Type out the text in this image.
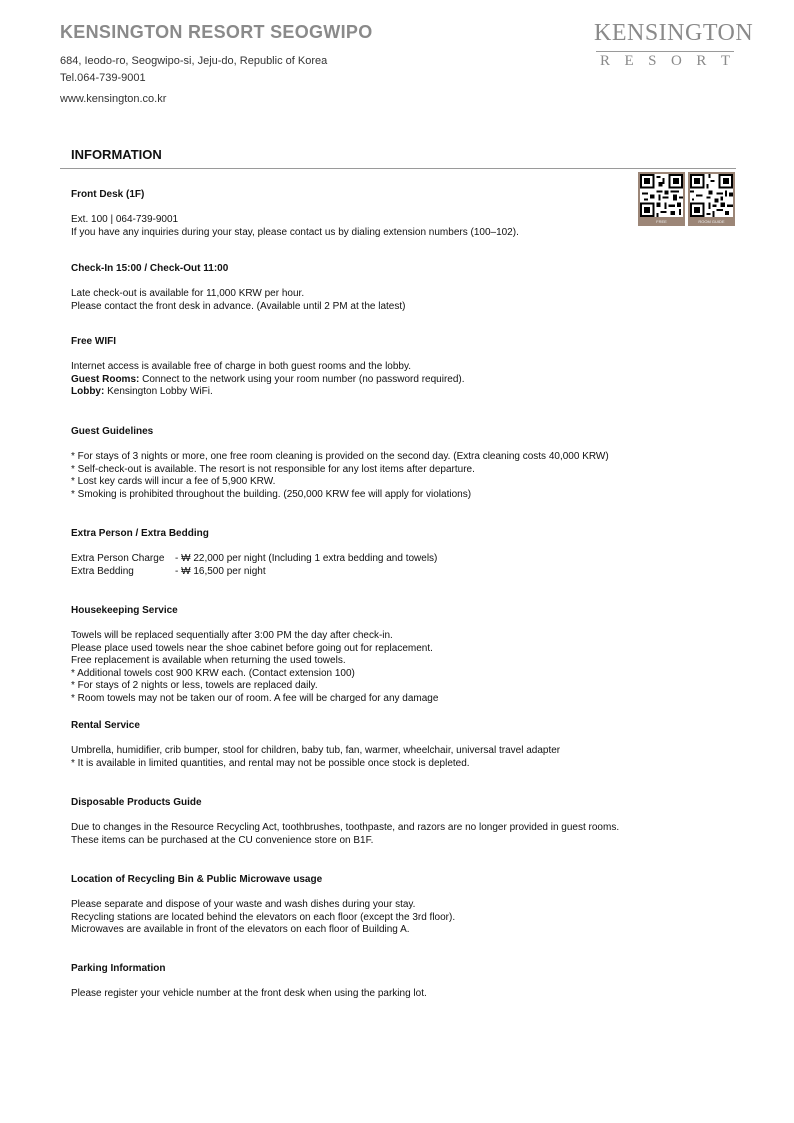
KENSINGTON RESORT SEOGWIPO
684, Ieodo-ro, Seogwipo-si, Jeju-do, Republic of Korea
Tel.064-739-9001
www.kensington.co.kr
KENSINGTON
R E S O R T
INFORMATION
FREE	ROOM GUIDE
Front Desk (1F)
Ext. 100 | 064-739-9001
If you have any inquiries during your stay, please contact us by dialing extension numbers (100–102).
Check-In 15:00 / Check-Out 11:00
Late check-out is available for 11,000 KRW per hour.
Please contact the front desk in advance. (Available until 2 PM at the latest)
Free WIFI
Internet access is available free of charge in both guest rooms and the lobby.
Guest Rooms: Connect to the network using your room number (no password required).
Lobby: Kensington Lobby WiFi.
Guest Guidelines
* For stays of 3 nights or more, one free room cleaning is provided on the second day. (Extra cleaning costs 40,000 KRW)
* Self-check-out is available. The resort is not responsible for any lost items after departure.
* Lost key cards will incur a fee of 5,900 KRW.
* Smoking is prohibited throughout the building. (250,000 KRW fee will apply for violations)
Extra Person / Extra Bedding
Extra Person Charge	- ₩ 22,000 per night (Including 1 extra bedding and towels)
Extra Bedding	- ₩ 16,500 per night
Housekeeping Service
Towels will be replaced sequentially after 3:00 PM the day after check-in.
Please place used towels near the shoe cabinet before going out for replacement.
Free replacement is available when returning the used towels.
* Additional towels cost 900 KRW each. (Contact extension 100)
* For stays of 2 nights or less, towels are replaced daily.
* Room towels may not be taken our of room. A fee will be charged for any damage
Rental Service
Umbrella, humidifier, crib bumper, stool for children, baby tub, fan, warmer, wheelchair, universal travel adapter
* It is available in limited quantities, and rental may not be possible once stock is depleted.
Disposable Products Guide
Due to changes in the Resource Recycling Act, toothbrushes, toothpaste, and razors are no longer provided in guest rooms.
These items can be purchased at the CU convenience store on B1F.
Location of Recycling Bin & Public Microwave usage
Please separate and dispose of your waste and wash dishes during your stay.
Recycling stations are located behind the elevators on each floor (except the 3rd floor).
Microwaves are available in front of the elevators on each floor of Building A.
Parking Information
Please register your vehicle number at the front desk when using the parking lot.
